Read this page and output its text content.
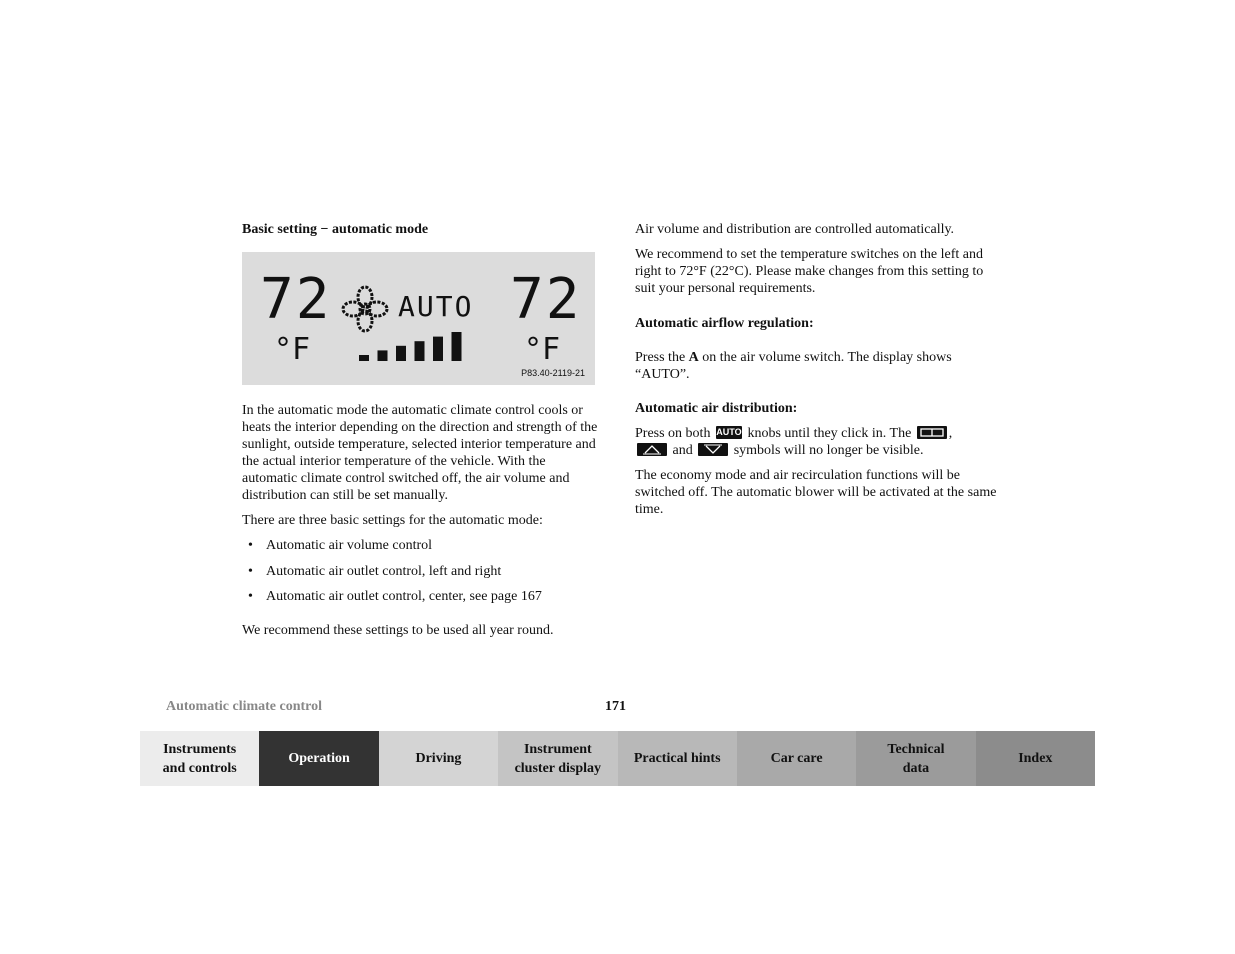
Basic setting − automatic mode
72	72
AUTO
°F	°F
P83.40-2119-21

In the automatic mode the automatic climate control cools or heats the interior depending on the direction and strength of the sunlight, outside temperature, selected interior temperature and the actual interior temperature of the vehicle. With the automatic climate control switched off, the air volume and distribution can still be set manually.

There are three basic settings for the automatic mode:

• Automatic air volume control
• Automatic air outlet control, left and right
• Automatic air outlet control, center, see page 167

We recommend these settings to be used all year round.

Air volume and distribution are controlled automatically.

We recommend to set the temperature switches on the left and right to 72°F (22°C). Please make changes from this setting to suit your personal requirements.

Automatic airflow regulation:

Press the A on the air volume switch. The display shows “AUTO”.

Automatic air distribution:

Press on both AUTO knobs until they click in. The
,

and
symbols will no longer be visible.

The economy mode and air recirculation functions will be switched off. The automatic blower will be activated at the same time.

Automatic climate control	171
Instruments
and controls
Operation	Driving
Instrument
cluster display
Practical hints	Car care
Technical
data
Index
